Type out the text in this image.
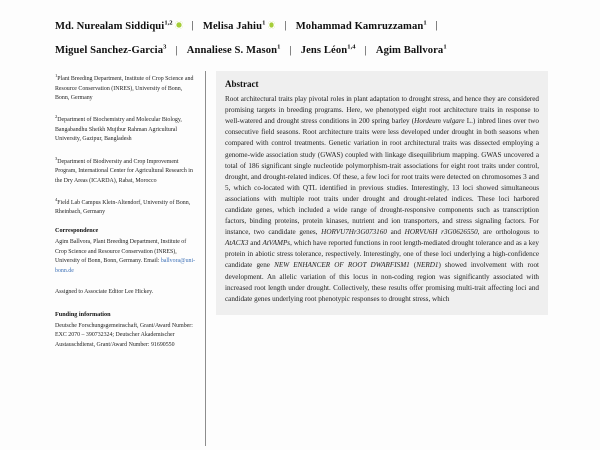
Md. Nurealam Siddiqui$^{1,2}$ | Melisa Jahiu$^1$ | Mohammad Kamruzzaman$^1$ |
Miguel Sanchez-Garcia$^3$ | Annaliese S. Mason$^1$ | Jens Léon$^{1,4}$ | Agim Ballvora$^1$
$^1$Plant Breeding Department, Institute of Crop Science and Resource Conservation (INRES), University of Bonn, Bonn, Germany
$^2$Department of Biochemistry and Molecular Biology, Bangabandhu Sheikh Mujibur Rahman Agricultural University, Gazipur, Bangladesh
$^3$Department of Biodiversity and Crop Improvement Program, International Center for Agricultural Research in the Dry Areas (ICARDA), Rabat, Morocco
$^4$Field Lab Campus Klein-Altendorf, University of Bonn, Rheinbach, Germany
Correspondence
Agim Ballvora, Plant Breeding Department, Institute of Crop Science and Resource Conservation (INRES), University of Bonn, Bonn, Germany. Email: ballvora@uni-bonn.de
Assigned to Associate Editor Lee Hickey.
Funding information
Deutsche Forschungsgemeinschaft, Grant/Award Number: EXC 2070 – 390732324; Deutscher Akademischer Austauschdienst, Grant/Award Number: 91690550
Abstract

Root architectural traits play pivotal roles in plant adaptation to drought stress, and hence they are considered promising targets in breeding programs. Here, we phenotyped eight root architecture traits in response to well-watered and drought stress conditions in 200 spring barley (Hordeum vulgare L.) inbred lines over two consecutive field seasons. Root architecture traits were less developed under drought in both seasons when compared with control treatments. Genetic variation in root architectural traits was dissected employing a genome-wide association study (GWAS) coupled with linkage disequilibrium mapping. GWAS uncovered a total of 186 significant single nucleotide polymorphism-trait associations for eight root traits under control, drought, and drought-related indices. Of these, a few loci for root traits were detected on chromosomes 3 and 5, which co-located with QTL identified in previous studies. Interestingly, 13 loci showed simultaneous associations with multiple root traits under drought and drought-related indices. These loci harbored candidate genes, which included a wide range of drought-responsive components such as transcription factors, binding proteins, protein kinases, nutrient and ion transporters, and stress signaling factors. For instance, two candidate genes, HORVU7Hr3G073160 and HORVU6H r3G0626550, are orthologous to AtACX3 and AtVAMPs, which have reported functions in root length-mediated drought tolerance and as a key protein in abiotic stress tolerance, respectively. Interestingly, one of these loci underlying a high-confidence candidate gene NEW ENHANCER OF ROOT DWARFISM1 (NERD1) showed involvement with root development. An allelic variation of this locus in non-coding region was significantly associated with increased root length under drought. Collectively, these results offer promising multi-trait affecting loci and candidate genes underlying root phenotypic responses to drought stress, which
